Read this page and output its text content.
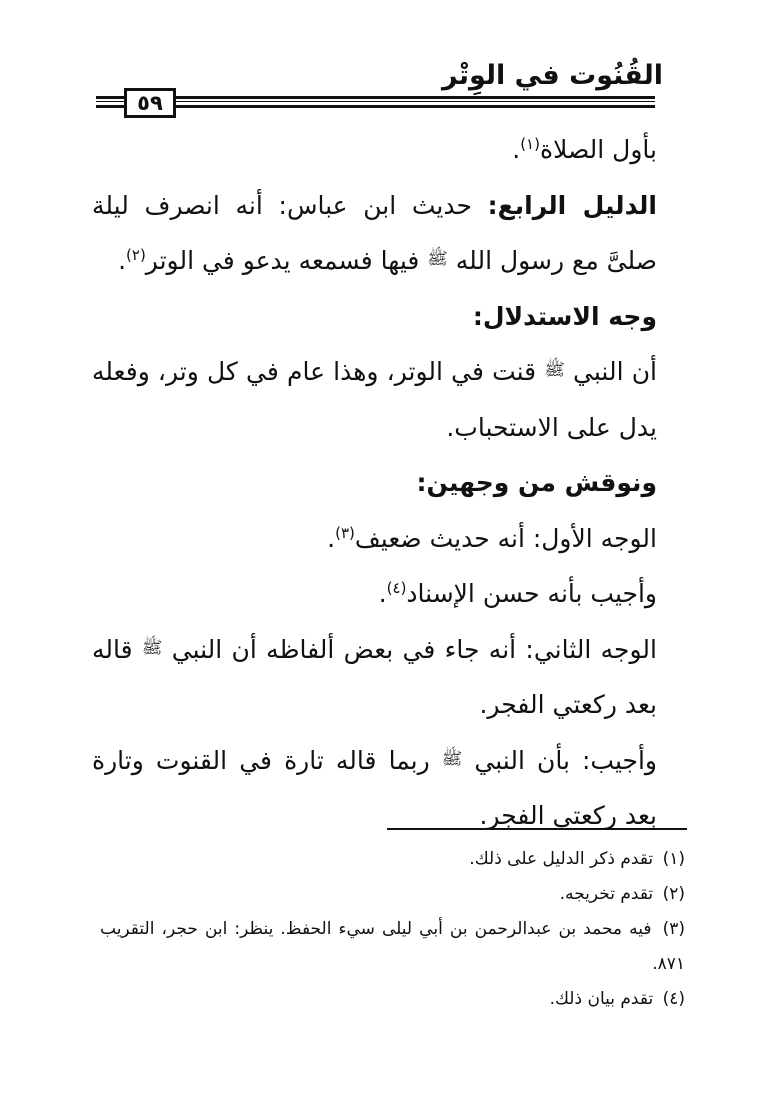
القُنُوت في الوِتْر
٥٩

بأول الصلاة$^{(١)}$.

الدليل الرابع: حديث ابن عباس: أنه انصرف ليلة صلىَّ مع رسول الله ﷺ فيها فسمعه يدعو في الوتر$^{(٢)}$.

وجه الاستدلال:

أن النبي ﷺ قنت في الوتر، وهذا عام في كل وتر، وفعله يدل على الاستحباب.

ونوقش من وجهين:

الوجه الأول: أنه حديث ضعيف$^{(٣)}$.

وأجيب بأنه حسن الإسناد$^{(٤)}$.

الوجه الثاني: أنه جاء في بعض ألفاظه أن النبي ﷺ قاله بعد ركعتي الفجر.

وأجيب: بأن النبي ﷺ ربما قاله تارة في القنوت وتارة بعد ركعتي الفجر.

(١) تقدم ذكر الدليل على ذلك.

(٢) تقدم تخريجه.

(٣) فيه محمد بن عبدالرحمن بن أبي ليلى سيء الحفظ. ينظر: ابن حجر، التقريب ٨٧١.

(٤) تقدم بيان ذلك.
